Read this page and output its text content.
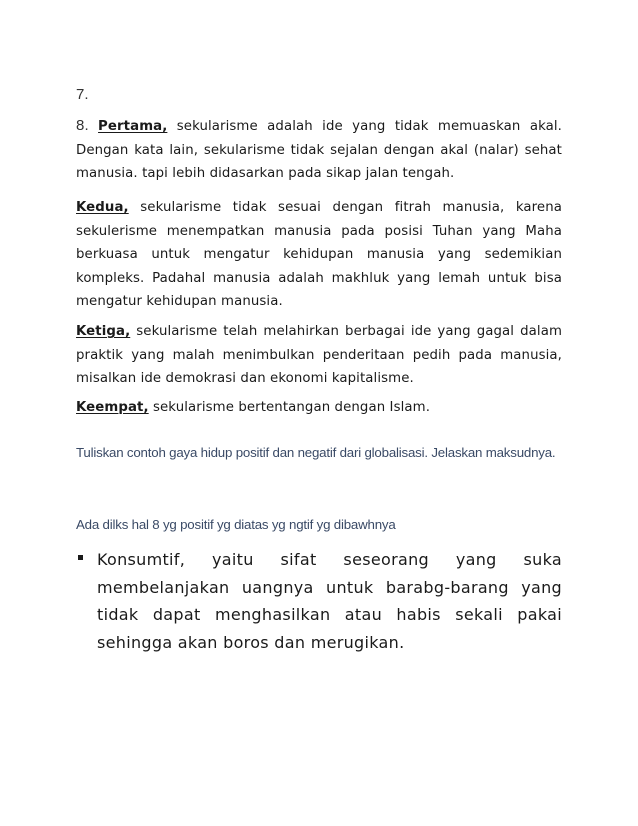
7.

8. Pertama, sekularisme adalah ide yang tidak memuaskan akal. Dengan kata lain, sekularisme tidak sejalan dengan akal (nalar) sehat manusia. tapi lebih didasarkan pada sikap jalan tengah.

Kedua, sekularisme tidak sesuai dengan fitrah manusia, karena sekulerisme menempatkan manusia pada posisi Tuhan yang Maha berkuasa untuk mengatur kehidupan manusia yang sedemikian kompleks. Padahal manusia adalah makhluk yang lemah untuk bisa mengatur kehidupan manusia.

Ketiga, sekularisme telah melahirkan berbagai ide yang gagal dalam praktik yang malah menimbulkan penderitaan pedih pada manusia, misalkan ide demokrasi dan ekonomi kapitalisme.

Keempat, sekularisme bertentangan dengan Islam.

Tuliskan contoh gaya hidup positif dan negatif dari globalisasi. Jelaskan maksudnya.

Ada dilks hal 8 yg positif yg diatas yg ngtif yg dibawhnya

Konsumtif, yaitu sifat seseorang yang suka membelanjakan uangnya untuk barabg-barang yang tidak dapat menghasilkan atau habis sekali pakai sehingga akan boros dan merugikan.
